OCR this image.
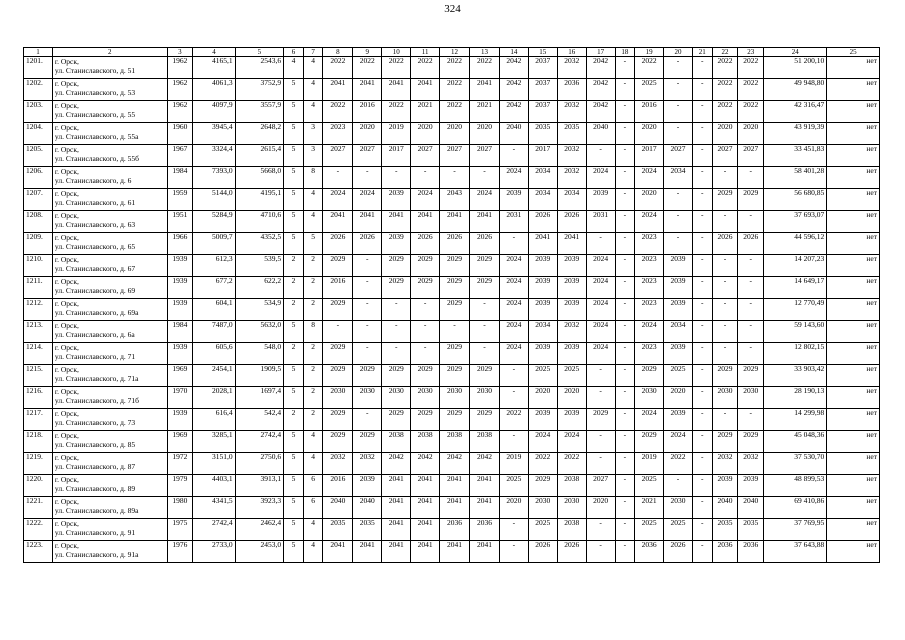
324
1	2	3	4	5	6	7	8	9	10	11	12	13	14	15	16	17	18	19	20	21	22	23	24	25
1201.	г. Орск,
ул. Станиславского, д. 51	1962	4165,1	2543,6	4	4	2022	2022	2022	2022	2022	2022	2042	2037	2032	2042	-	2022	-	-	2022	2022	51 200,10	нет
1202.	г. Орск,
ул. Станиславского, д. 53	1962	4061,3	3752,9	5	4	2041	2041	2041	2041	2022	2041	2042	2037	2036	2042	-	2025	-	-	2022	2022	49 948,80	нет
1203.	г. Орск,
ул. Станиславского, д. 55	1962	4097,9	3557,9	5	4	2022	2016	2022	2021	2022	2021	2042	2037	2032	2042	-	2016	-	-	2022	2022	42 316,47	нет
1204.	г. Орск,
ул. Станиславского, д. 55а	1960	3945,4	2648,2	5	3	2023	2020	2019	2020	2020	2020	2040	2035	2035	2040	-	2020	-	-	2020	2020	43 919,39	нет
1205.	г. Орск,
ул. Станиславского, д. 55б	1967	3324,4	2615,4	5	3	2027	2027	2017	2027	2027	2027	-	2017	2032	-	-	2017	2027	-	2027	2027	33 451,83	нет
1206.	г. Орск,
ул. Станиславского, д. 6	1984	7393,0	5668,0	5	8	-	-	-	-	-	-	2024	2034	2032	2024	-	2024	2034	-	-	-	58 401,28	нет
1207.	г. Орск,
ул. Станиславского, д. 61	1959	5144,0	4195,1	5	4	2024	2024	2039	2024	2043	2024	2039	2034	2034	2039	-	2020	-	-	2029	2029	56 680,85	нет
1208.	г. Орск,
ул. Станиславского, д. 63	1951	5284,9	4710,6	5	4	2041	2041	2041	2041	2041	2041	2031	2026	2026	2031	-	2024	-	-	-	-	37 693,07	нет
1209.	г. Орск,
ул. Станиславского, д. 65	1966	5009,7	4352,5	5	5	2026	2026	2039	2026	2026	2026	-	2041	2041	-	-	2023	-	-	2026	2026	44 596,12	нет
1210.	г. Орск,
ул. Станиславского, д. 67	1939	612,3	539,5	2	2	2029	-	2029	2029	2029	2029	2024	2039	2039	2024	-	2023	2039	-	-	-	14 207,23	нет
1211.	г. Орск,
ул. Станиславского, д. 69	1939	677,2	622,2	2	2	2016	-	2029	2029	2029	2029	2024	2039	2039	2024	-	2023	2039	-	-	-	14 649,17	нет
1212.	г. Орск,
ул. Станиславского, д. 69а	1939	604,1	534,9	2	2	2029	-	-	-	2029	-	2024	2039	2039	2024	-	2023	2039	-	-	-	12 770,49	нет
1213.	г. Орск,
ул. Станиславского, д. 6а	1984	7487,0	5632,0	5	8	-	-	-	-	-	-	2024	2034	2032	2024	-	2024	2034	-	-	-	59 143,60	нет
1214.	г. Орск,
ул. Станиславского, д. 71	1939	605,6	548,0	2	2	2029	-	-	-	2029	-	2024	2039	2039	2024	-	2023	2039	-	-	-	12 802,15	нет
1215.	г. Орск,
ул. Станиславского, д. 71а	1969	2454,1	1909,5	5	2	2029	2029	2029	2029	2029	2029	-	2025	2025	-	-	2029	2025	-	2029	2029	33 903,42	нет
1216.	г. Орск,
ул. Станиславского, д. 71б	1970	2028,1	1697,4	5	2	2030	2030	2030	2030	2030	2030	-	2020	2020	-	-	2030	2020	-	2030	2030	28 190,13	нет
1217.	г. Орск,
ул. Станиславского, д. 73	1939	616,4	542,4	2	2	2029	-	2029	2029	2029	2029	2022	2039	2039	2029	-	2024	2039	-	-	-	14 299,98	нет
1218.	г. Орск,
ул. Станиславского, д. 85	1969	3285,1	2742,4	5	4	2029	2029	2038	2038	2038	2038	-	2024	2024	-	-	2029	2024	-	2029	2029	45 048,36	нет
1219.	г. Орск,
ул. Станиславского, д. 87	1972	3151,0	2750,6	5	4	2032	2032	2042	2042	2042	2042	2019	2022	2022	-	-	2019	2022	-	2032	2032	37 530,70	нет
1220.	г. Орск,
ул. Станиславского, д. 89	1979	4403,1	3913,1	5	6	2016	2039	2041	2041	2041	2041	2025	2029	2038	2027	-	2025	-	-	2039	2039	48 899,53	нет
1221.	г. Орск,
ул. Станиславского, д. 89а	1980	4341,5	3923,3	5	6	2040	2040	2041	2041	2041	2041	2020	2030	2030	2020	-	2021	2030	-	2040	2040	69 410,86	нет
1222.	г. Орск,
ул. Станиславского, д. 91	1975	2742,4	2462,4	5	4	2035	2035	2041	2041	2036	2036	-	2025	2038	-	-	2025	2025	-	2035	2035	37 769,95	нет
1223.	г. Орск,
ул. Станиславского, д. 91а	1976	2733,0	2453,0	5	4	2041	2041	2041	2041	2041	2041	-	2026	2026	-	-	2036	2026	-	2036	2036	37 643,88	нет
